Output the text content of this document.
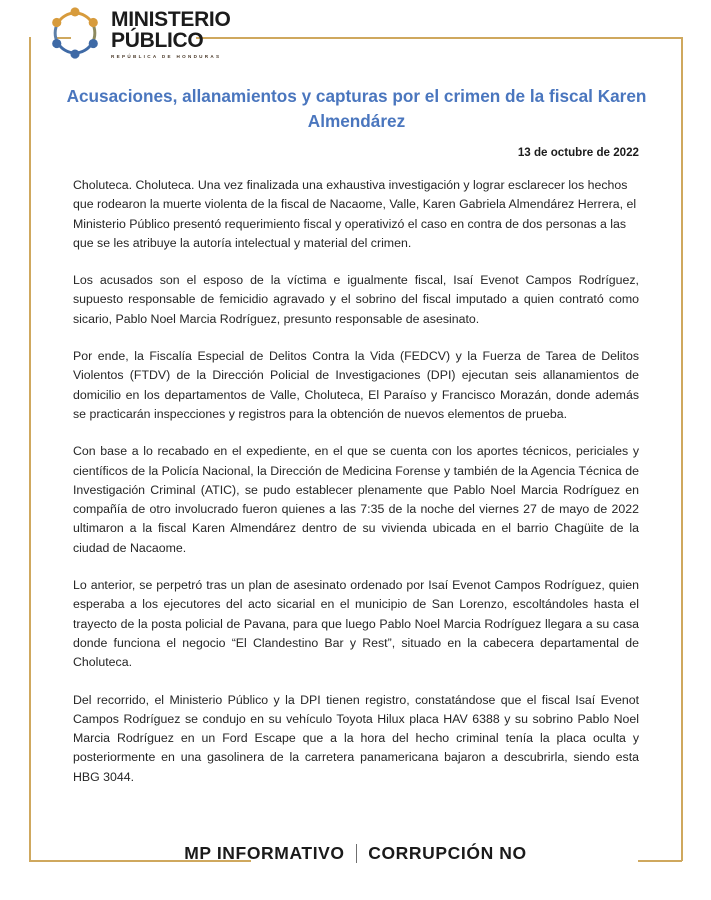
MINISTERIO
PÚBLICO
REPÚBLICA DE HONDURAS
Acusaciones, allanamientos y capturas por el crimen de la fiscal Karen Almendárez
13 de octubre de 2022

Choluteca. Choluteca. Una vez finalizada una exhaustiva investigación y lograr esclarecer los hechos que rodearon la muerte violenta de la fiscal de Nacaome, Valle, Karen Gabriela Almendárez Herrera, el Ministerio Público presentó requerimiento fiscal y operativizó el caso en contra de dos personas a las que se les atribuye la autoría intelectual y material del crimen.

Los acusados son el esposo de la víctima e igualmente fiscal, Isaí Evenot Campos Rodríguez, supuesto responsable de femicidio agravado y el sobrino del fiscal imputado a quien contrató como sicario, Pablo Noel Marcia Rodríguez, presunto responsable de asesinato.

Por ende, la Fiscalía Especial de Delitos Contra la Vida (FEDCV) y la Fuerza de Tarea de Delitos Violentos (FTDV) de la Dirección Policial de Investigaciones (DPI) ejecutan seis allanamientos de domicilio en los departamentos de Valle, Choluteca, El Paraíso y Francisco Morazán, donde además se practicarán inspecciones y registros para la obtención de nuevos elementos de prueba.

Con base a lo recabado en el expediente, en el que se cuenta con los aportes técnicos, periciales y científicos de la Policía Nacional, la Dirección de Medicina Forense y también de la Agencia Técnica de Investigación Criminal (ATIC), se pudo establecer plenamente que Pablo Noel Marcia Rodríguez en compañía de otro involucrado fueron quienes a las 7:35 de la noche del viernes 27 de mayo de 2022 ultimaron a la fiscal Karen Almendárez dentro de su vivienda ubicada en el barrio Chagüite de la ciudad de Nacaome.

Lo anterior, se perpetró tras un plan de asesinato ordenado por Isaí Evenot Campos Rodríguez, quien esperaba a los ejecutores del acto sicarial en el municipio de San Lorenzo, escoltándoles hasta el trayecto de la posta policial de Pavana, para que luego Pablo Noel Marcia Rodríguez llegara a su casa donde funciona el negocio “El Clandestino Bar y Rest”, situado en la cabecera departamental de Choluteca.

Del recorrido, el Ministerio Público y la DPI tienen registro, constatándose que el fiscal Isaí Evenot Campos Rodríguez se condujo en su vehículo Toyota Hilux placa HAV 6388 y su sobrino Pablo Noel Marcia Rodríguez en un Ford Escape que a la hora del hecho criminal tenía la placa oculta y posteriormente en una gasolinera de la carretera panamericana bajaron a descubrirla, siendo esta HBG 3044.

MP INFORMATIVO CORRUPCIÓN NO
